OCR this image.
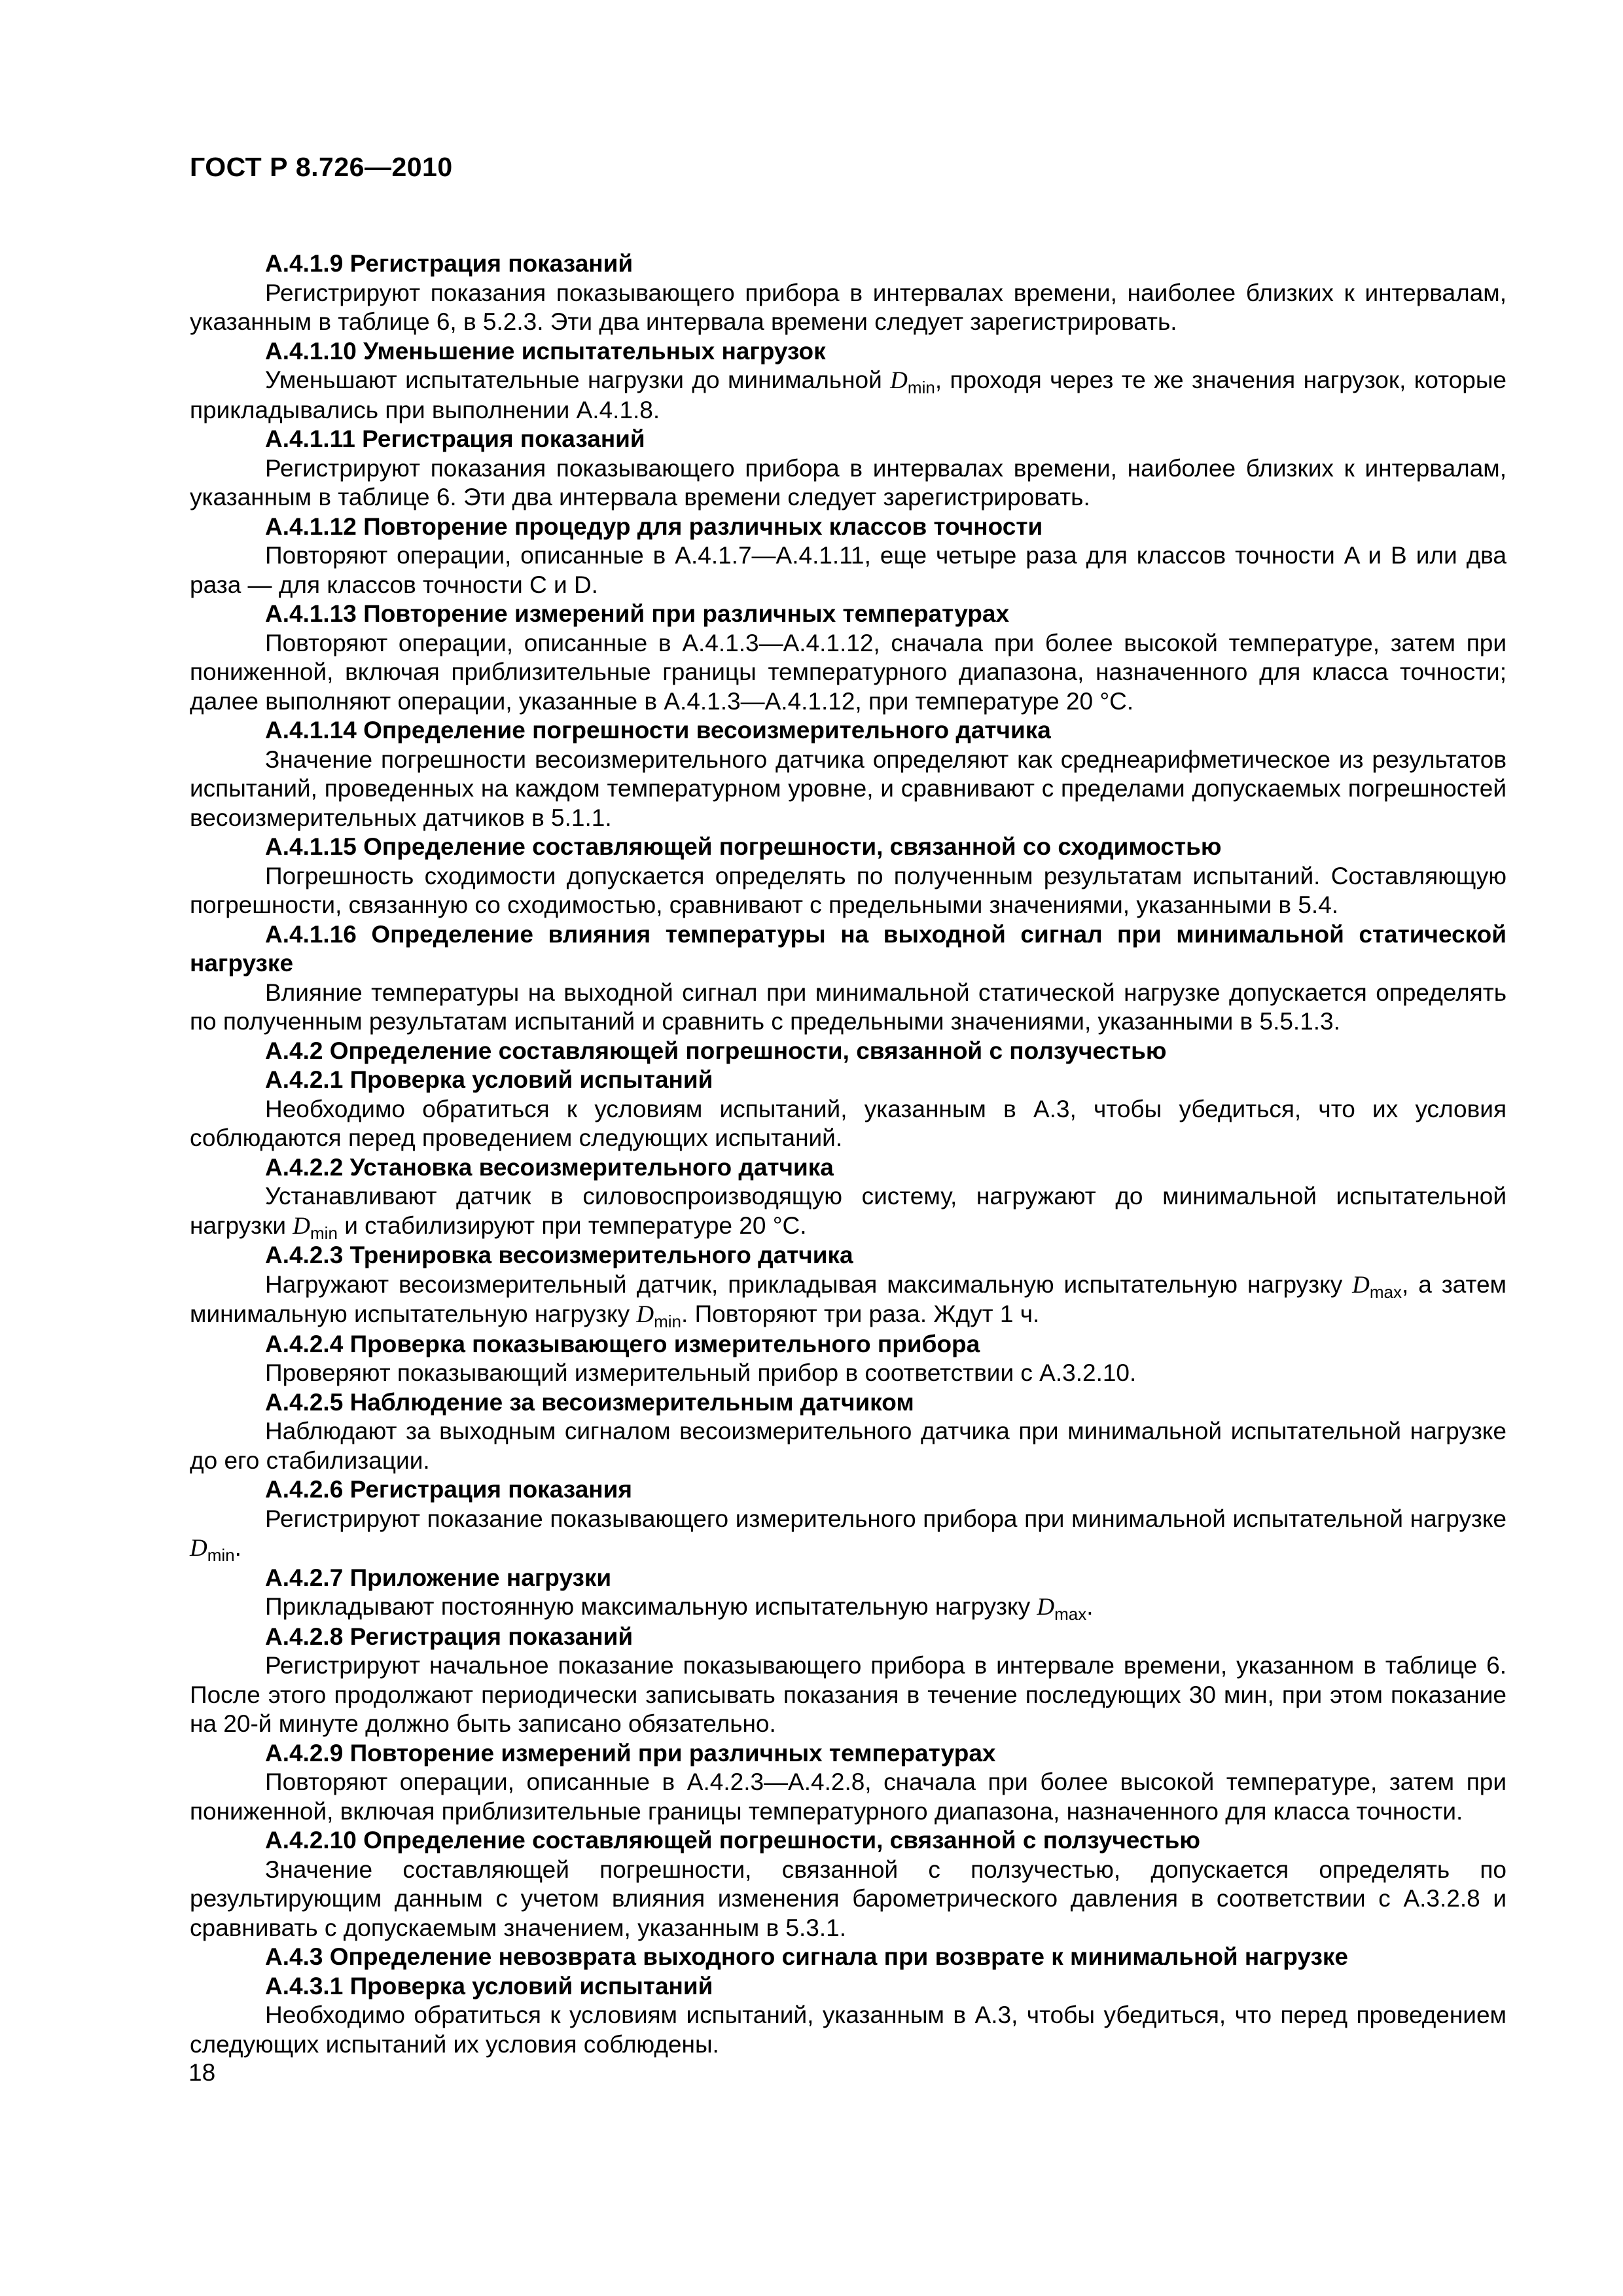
ГОСТ Р 8.726—2010

А.4.1.9 Регистрация показаний

Регистрируют показания показывающего прибора в интервалах времени, наиболее близких к интервалам, указанным в таблице 6, в 5.2.3. Эти два интервала времени следует зарегистрировать.

А.4.1.10 Уменьшение испытательных нагрузок

Уменьшают испытательные нагрузки до минимальной $D_{min}$, проходя через те же значения нагрузок, которые прикладывались при выполнении А.4.1.8.

А.4.1.11 Регистрация показаний

Регистрируют показания показывающего прибора в интервалах времени, наиболее близких к интервалам, указанным в таблице 6. Эти два интервала времени следует зарегистрировать.

А.4.1.12 Повторение процедур для различных классов точности

Повторяют операции, описанные в А.4.1.7—А.4.1.11, еще четыре раза для классов точности A и B или два раза — для классов точности C и D.

А.4.1.13 Повторение измерений при различных температурах

Повторяют операции, описанные в А.4.1.3—А.4.1.12, сначала при более высокой температуре, затем при пониженной, включая приблизительные границы температурного диапазона, назначенного для класса точности; далее выполняют операции, указанные в А.4.1.3—А.4.1.12, при температуре 20 °С.

А.4.1.14 Определение погрешности весоизмерительного датчика

Значение погрешности весоизмерительного датчика определяют как среднеарифметическое из результатов испытаний, проведенных на каждом температурном уровне, и сравнивают с пределами допускаемых погрешностей весоизмерительных датчиков в 5.1.1.

А.4.1.15 Определение составляющей погрешности, связанной со сходимостью

Погрешность сходимости допускается определять по полученным результатам испытаний. Составляющую погрешности, связанную со сходимостью, сравнивают с предельными значениями, указанными в 5.4.

А.4.1.16 Определение влияния температуры на выходной сигнал при минимальной статической нагрузке

Влияние температуры на выходной сигнал при минимальной статической нагрузке допускается определять по полученным результатам испытаний и сравнить с предельными значениями, указанными в 5.5.1.3.

А.4.2 Определение составляющей погрешности, связанной с ползучестью

А.4.2.1 Проверка условий испытаний

Необходимо обратиться к условиям испытаний, указанным в А.3, чтобы убедиться, что их условия соблюдаются перед проведением следующих испытаний.

А.4.2.2 Установка весоизмерительного датчика

Устанавливают датчик в силовоспроизводящую систему, нагружают до минимальной испытательной нагрузки $D_{min}$ и стабилизируют при температуре 20 °С.

А.4.2.3 Тренировка весоизмерительного датчика

Нагружают весоизмерительный датчик, прикладывая максимальную испытательную нагрузку $D_{max}$, а затем минимальную испытательную нагрузку $D_{min}$. Повторяют три раза. Ждут 1 ч.

А.4.2.4 Проверка показывающего измерительного прибора

Проверяют показывающий измерительный прибор в соответствии с А.3.2.10.

А.4.2.5 Наблюдение за весоизмерительным датчиком

Наблюдают за выходным сигналом весоизмерительного датчика при минимальной испытательной нагрузке до его стабилизации.

А.4.2.6 Регистрация показания

Регистрируют показание показывающего измерительного прибора при минимальной испытательной нагрузке $D_{min}$.

А.4.2.7 Приложение нагрузки

Прикладывают постоянную максимальную испытательную нагрузку $D_{max}$.

А.4.2.8 Регистрация показаний

Регистрируют начальное показание показывающего прибора в интервале времени, указанном в таблице 6. После этого продолжают периодически записывать показания в течение последующих 30 мин, при этом показание на 20-й минуте должно быть записано обязательно.

А.4.2.9 Повторение измерений при различных температурах

Повторяют операции, описанные в А.4.2.3—А.4.2.8, сначала при более высокой температуре, затем при пониженной, включая приблизительные границы температурного диапазона, назначенного для класса точности.

А.4.2.10 Определение составляющей погрешности, связанной с ползучестью

Значение составляющей погрешности, связанной с ползучестью, допускается определять по результирующим данным с учетом влияния изменения барометрического давления в соответствии с А.3.2.8 и сравнивать с допускаемым значением, указанным в 5.3.1.

А.4.3 Определение невозврата выходного сигнала при возврате к минимальной нагрузке

А.4.3.1 Проверка условий испытаний

Необходимо обратиться к условиям испытаний, указанным в А.3, чтобы убедиться, что перед проведением следующих испытаний их условия соблюдены.

18
